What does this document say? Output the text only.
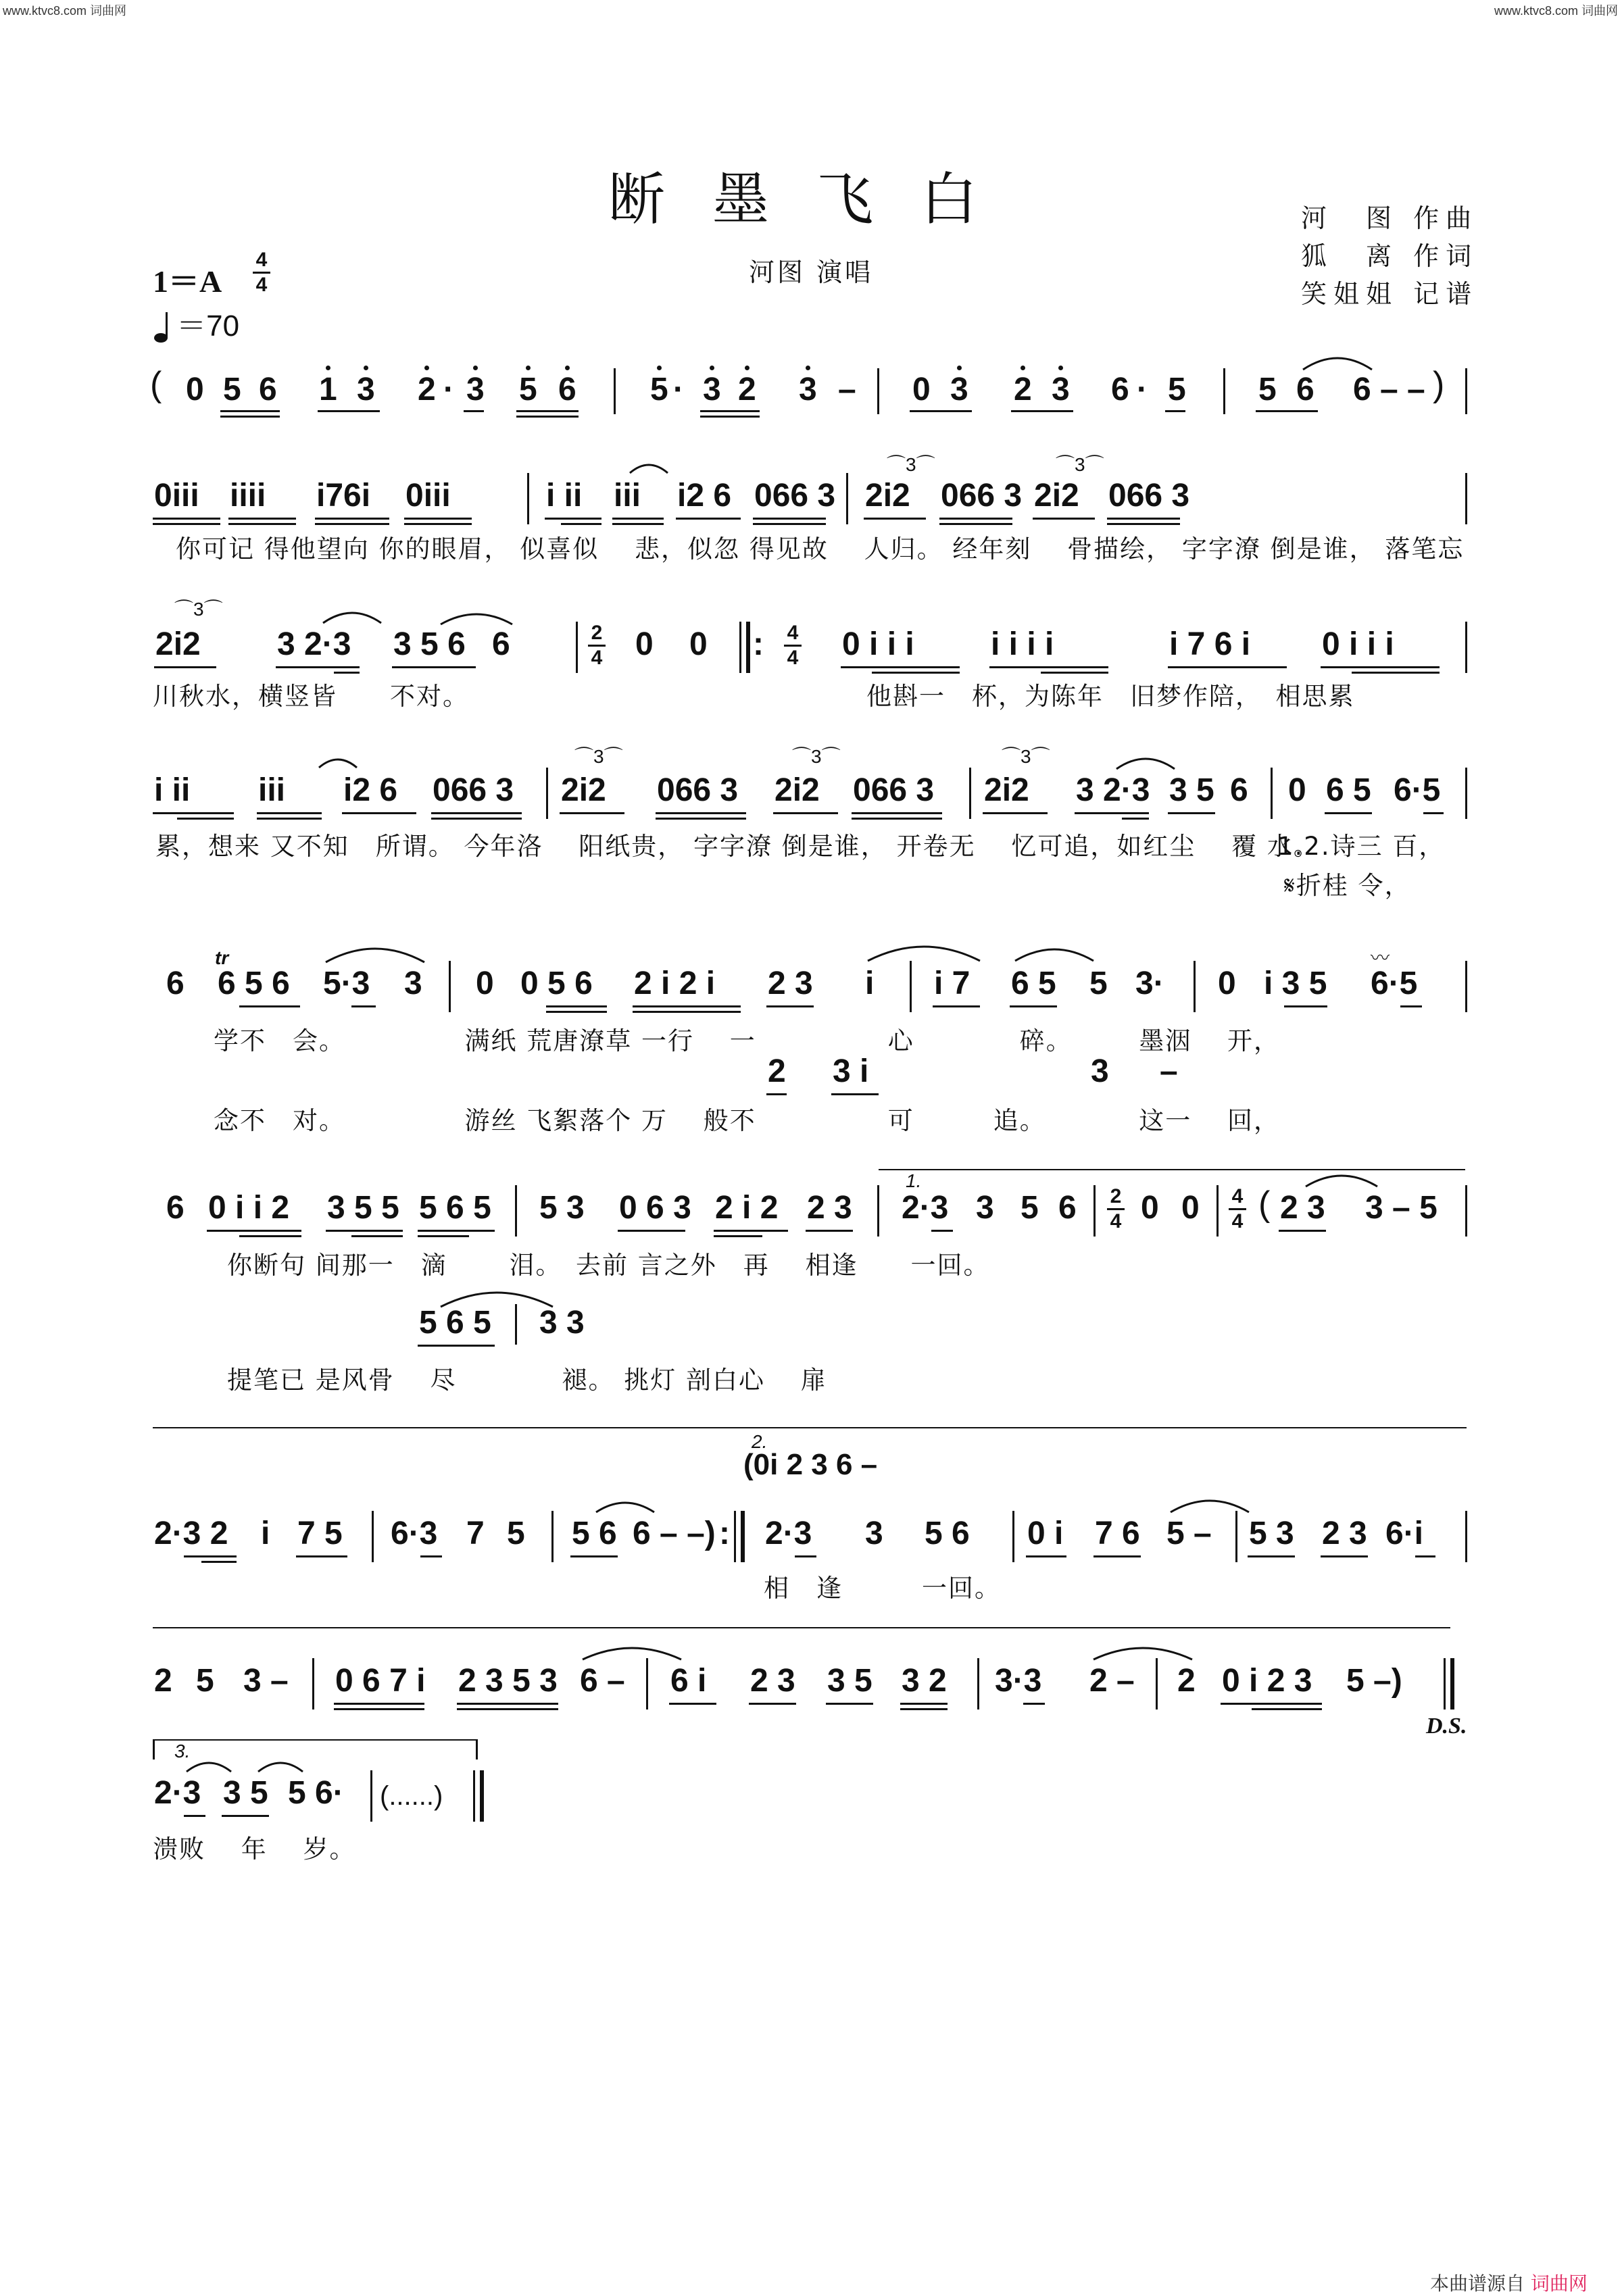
www.ktvc8.com 词曲网	www.ktvc8.com 词曲网
断墨飞白
河图 演唱
河　图 作曲
狐　离 作词
笑姐姐 记谱
1＝A
4
4
＝70
( 0 5 6 1 3 2 · 3 5 6 5 · 3 2 3 – 0 3 2 3 6 · 5 5 6 6 – – )
0iii iiii i76i 0iii	i ii iii i2 6 066 3 2i2 066 3 2i2 066 3
⌒3⌒	⌒3⌒
你可记 得他望向 你的眼眉， 似喜似　 悲，似忽 得见故　 人归。 经年刻　 骨描绘， 字字潦 倒是谁， 落笔忘
⌒3⌒
2i2 3 2·3 3 5 6 6	2
4 0 0 : 4
4 0 i i i i i i i	i 7 6 i 0 i i i
川秋水，横竖皆　　不对。	他斟一　杯，为陈年　旧梦作陪，　相思累
i ii iii i2 6 066 3
⌒3⌒
2i2 066 3
⌒3⌒
2i2 066 3
⌒3⌒
2i2 3 2·3 3 5 6 0 6 5 6·5
累，想来 又不知　所谓。 今年洛　 阳纸贵， 字字潦 倒是谁， 开卷无　 忆可追，如红尘　 覆 水。
1.2.诗三 百，
𝄋折桂 令，
6
tr
6 5 6 5·3 3 0 0 5 6 2 i 2 i 2 3 i i 7 6 5 5 3· 0 i 3 5 6·5
〰
学不　会。　　　　　满纸 荒唐潦草 一行　 一　　　　　心　　　　碎。　　　墨洇　 开，
2 3 i	3 –
念不　对。　　　　　游丝 飞絮落个 万　 般不　　　　　可　　　追。　　　　这一　 回，
6 0 i i 2 3 5 5 5 6 5 5 3 0 6 3 2 i 2 2 3
1.
2·3 3 5 6 2
4 0 0 4
4 ( 2 3 3 – 5
你断句 间那一　滴　　 泪。　去前 言之外　再　 相逢　　一回。
5 6 5 3 3
提笔已 是风骨　 尽　　　　褪。 挑灯 剖白心　 扉
2.
(0i 2 3 6 –
2·3 2 i 7 5 6·3 7 5 5 6 6 – –) : 2·3 3 5 6 0 i 7 6 5 – 5 3 2 3 6·i
相　逢　　　一回。
2 5 3 – 0 6 7 i 2 3 5 3 6 – 6 i 2 3 3 5 3 2 3·3 2 – 2 0 i 2 3 5 –)
D.S.
3.
2·3 3 5 5 6· (......)
溃败　 年　 岁。
本曲谱源自 词曲网
